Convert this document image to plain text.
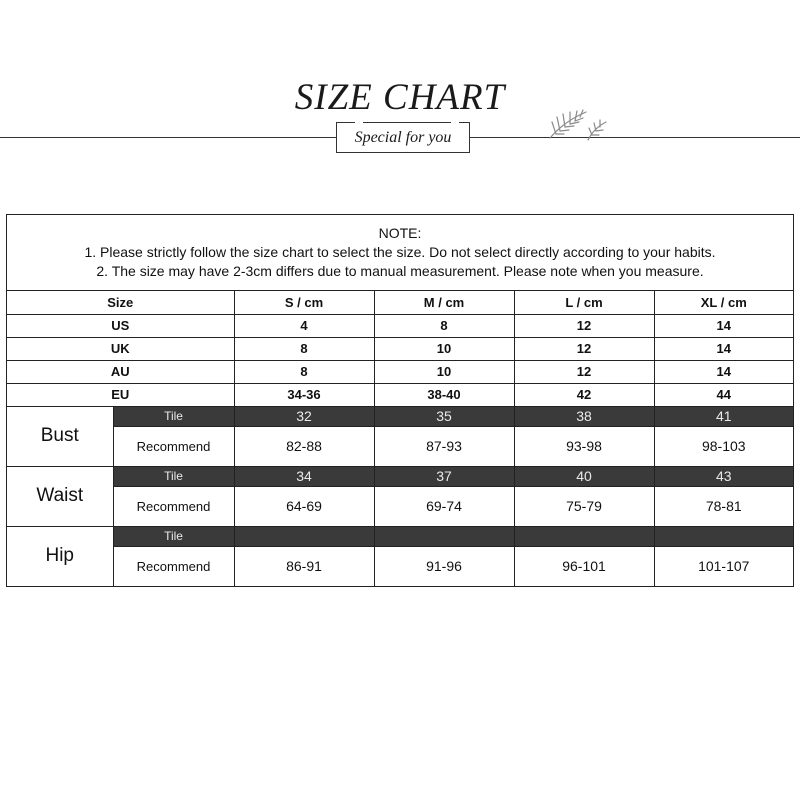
SIZE CHART
Special for you
NOTE:
1. Please strictly follow the size chart to select the size. Do not select directly according to your habits.
2. The size may have 2-3cm differs due to manual measurement. Please note when you measure.
Size		S / cm	M / cm	L / cm	XL / cm
US		4	8	12	14
UK		8	10	12	14
AU		8	10	12	14
EU		34-36	38-40	42	44
Bust	Tile	32	35	38	41
	Recommend	82-88	87-93	93-98	98-103
Waist	Tile	34	37	40	43
	Recommend	64-69	69-74	75-79	78-81
Hip	Tile				
	Recommend	86-91	91-96	96-101	101-107
